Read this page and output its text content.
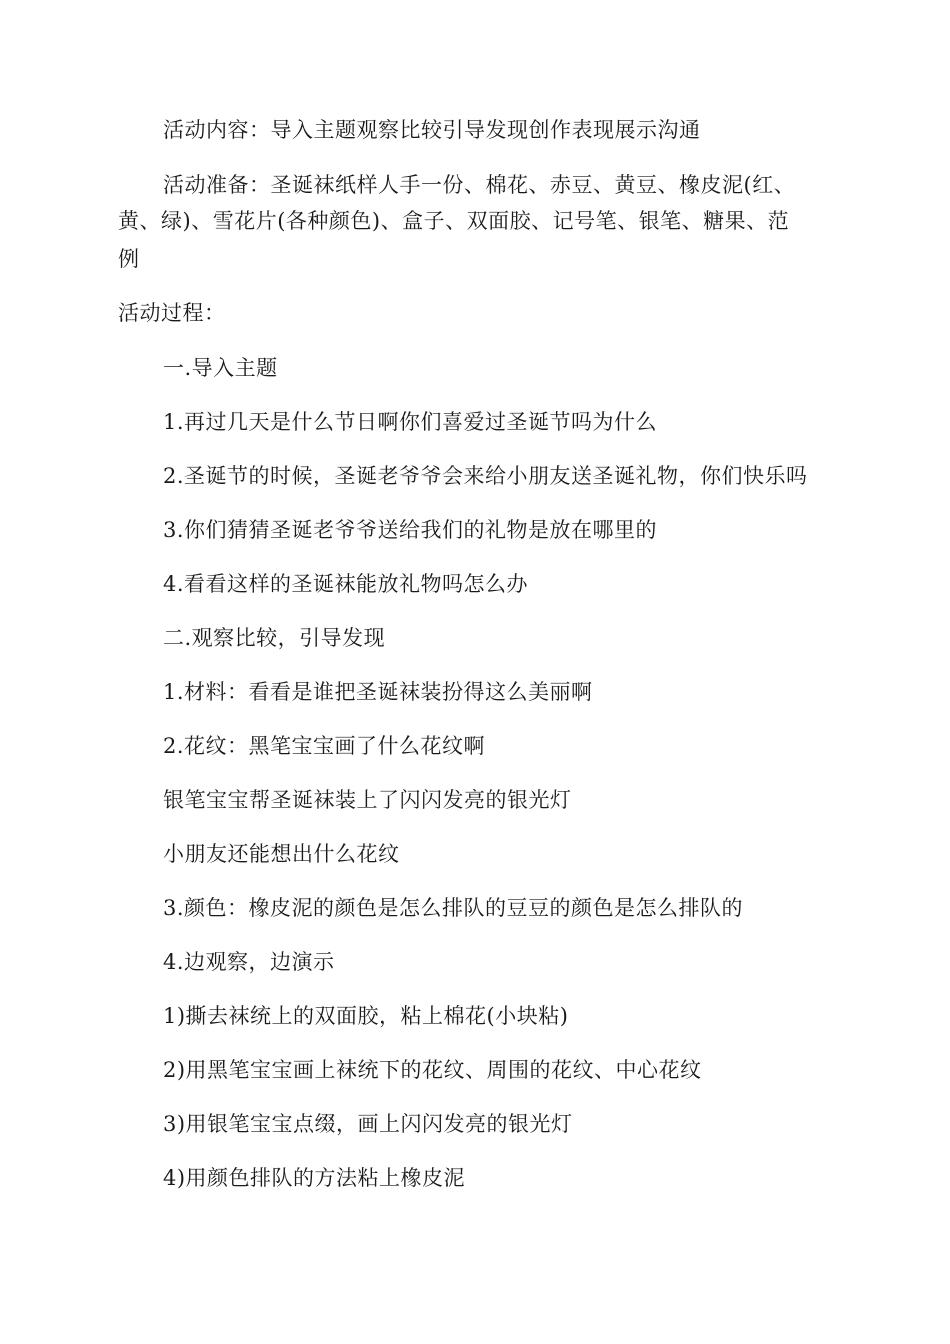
活动内容：导入主题观察比较引导发现创作表现展示沟通
活动准备：圣诞袜纸样人手一份、棉花、赤豆、黄豆、橡皮泥(红、
黄、绿)、雪花片(各种颜色)、盒子、双面胶、记号笔、银笔、糖果、范
例
活动过程：
一.导入主题
1.再过几天是什么节日啊你们喜爱过圣诞节吗为什么
2.圣诞节的时候，圣诞老爷爷会来给小朋友送圣诞礼物，你们快乐吗
3.你们猜猜圣诞老爷爷送给我们的礼物是放在哪里的
4.看看这样的圣诞袜能放礼物吗怎么办
二.观察比较，引导发现
1.材料：看看是谁把圣诞袜装扮得这么美丽啊
2.花纹：黑笔宝宝画了什么花纹啊
银笔宝宝帮圣诞袜装上了闪闪发亮的银光灯
小朋友还能想出什么花纹
3.颜色：橡皮泥的颜色是怎么排队的豆豆的颜色是怎么排队的
4.边观察，边演示
1)撕去袜统上的双面胶，粘上棉花(小块粘)
2)用黑笔宝宝画上袜统下的花纹、周围的花纹、中心花纹
3)用银笔宝宝点缀，画上闪闪发亮的银光灯
4)用颜色排队的方法粘上橡皮泥
